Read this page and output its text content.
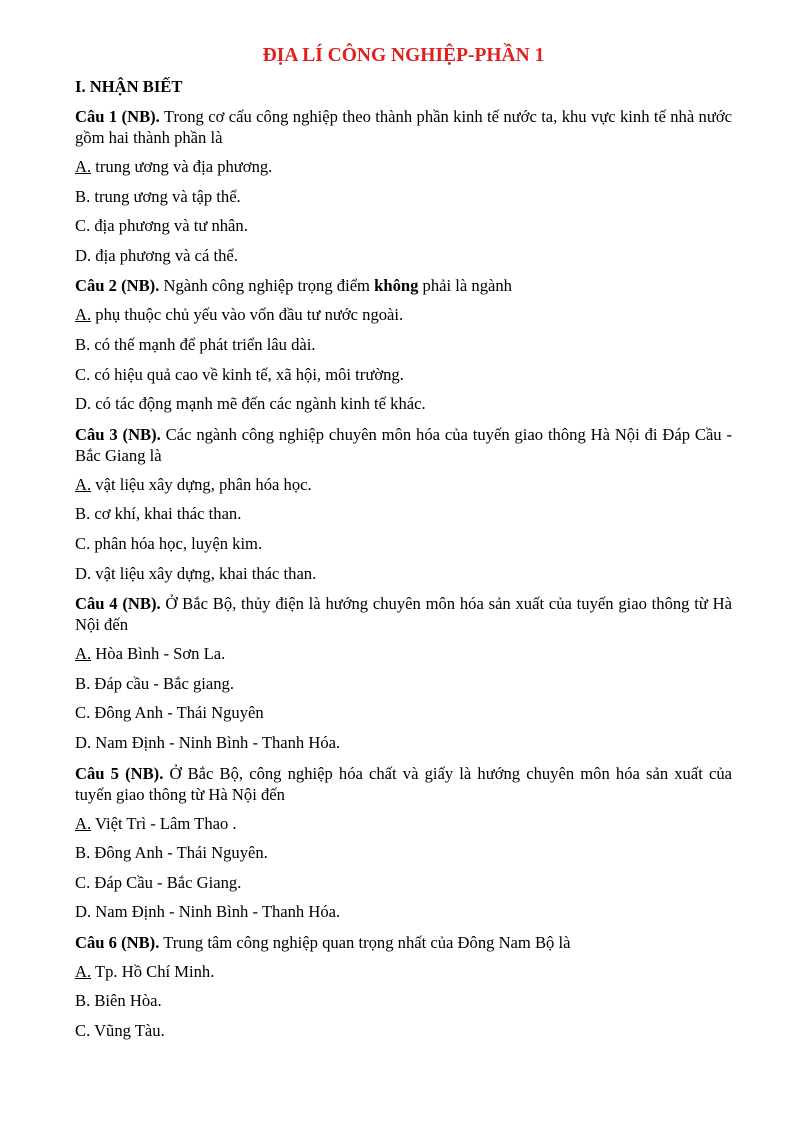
ĐỊA LÍ CÔNG NGHIỆP-PHẦN 1

I. NHẬN BIẾT

Câu 1 (NB). Trong cơ cấu công nghiệp theo thành phần kinh tế nước ta, khu vực kinh tế nhà nước gồm hai thành phần là

A. trung ương và địa phương.

B. trung ương và tập thể.

C. địa phương và tư nhân.

D. địa phương và cá thể.

Câu 2 (NB). Ngành công nghiệp trọng điểm không phải là ngành

A. phụ thuộc chủ yếu vào vốn đầu tư nước ngoài.

B. có thế mạnh để phát triển lâu dài.

C. có hiệu quả cao về kinh tế, xã hội, môi trường.

D. có tác động mạnh mẽ đến các ngành kinh tế khác.

Câu 3 (NB). Các ngành công nghiệp chuyên môn hóa của tuyến giao thông Hà Nội đi Đáp Cầu - Bắc Giang là

A. vật liệu xây dựng, phân hóa học.

B. cơ khí, khai thác than.

C. phân hóa học, luyện kim.

D. vật liệu xây dựng, khai thác than.

Câu 4 (NB). Ở Bắc Bộ, thủy điện là hướng chuyên môn hóa sản xuất của tuyến giao thông từ Hà Nội đến

A. Hòa Bình - Sơn La.

B. Đáp cầu - Bắc giang.

C. Đông Anh - Thái Nguyên

D. Nam Định - Ninh Bình - Thanh Hóa.

Câu 5 (NB). Ở Bắc Bộ, công nghiệp hóa chất và giấy là hướng chuyên môn hóa sản xuất của tuyến giao thông từ Hà Nội đến

A. Việt Trì - Lâm Thao .

B. Đông Anh - Thái Nguyên.

C. Đáp Cầu - Bắc Giang.

D. Nam Định - Ninh Bình - Thanh Hóa.

Câu 6 (NB). Trung tâm công nghiệp quan trọng nhất của Đông Nam Bộ là

A. Tp. Hồ Chí Minh.

B. Biên Hòa.

C. Vũng Tàu.
